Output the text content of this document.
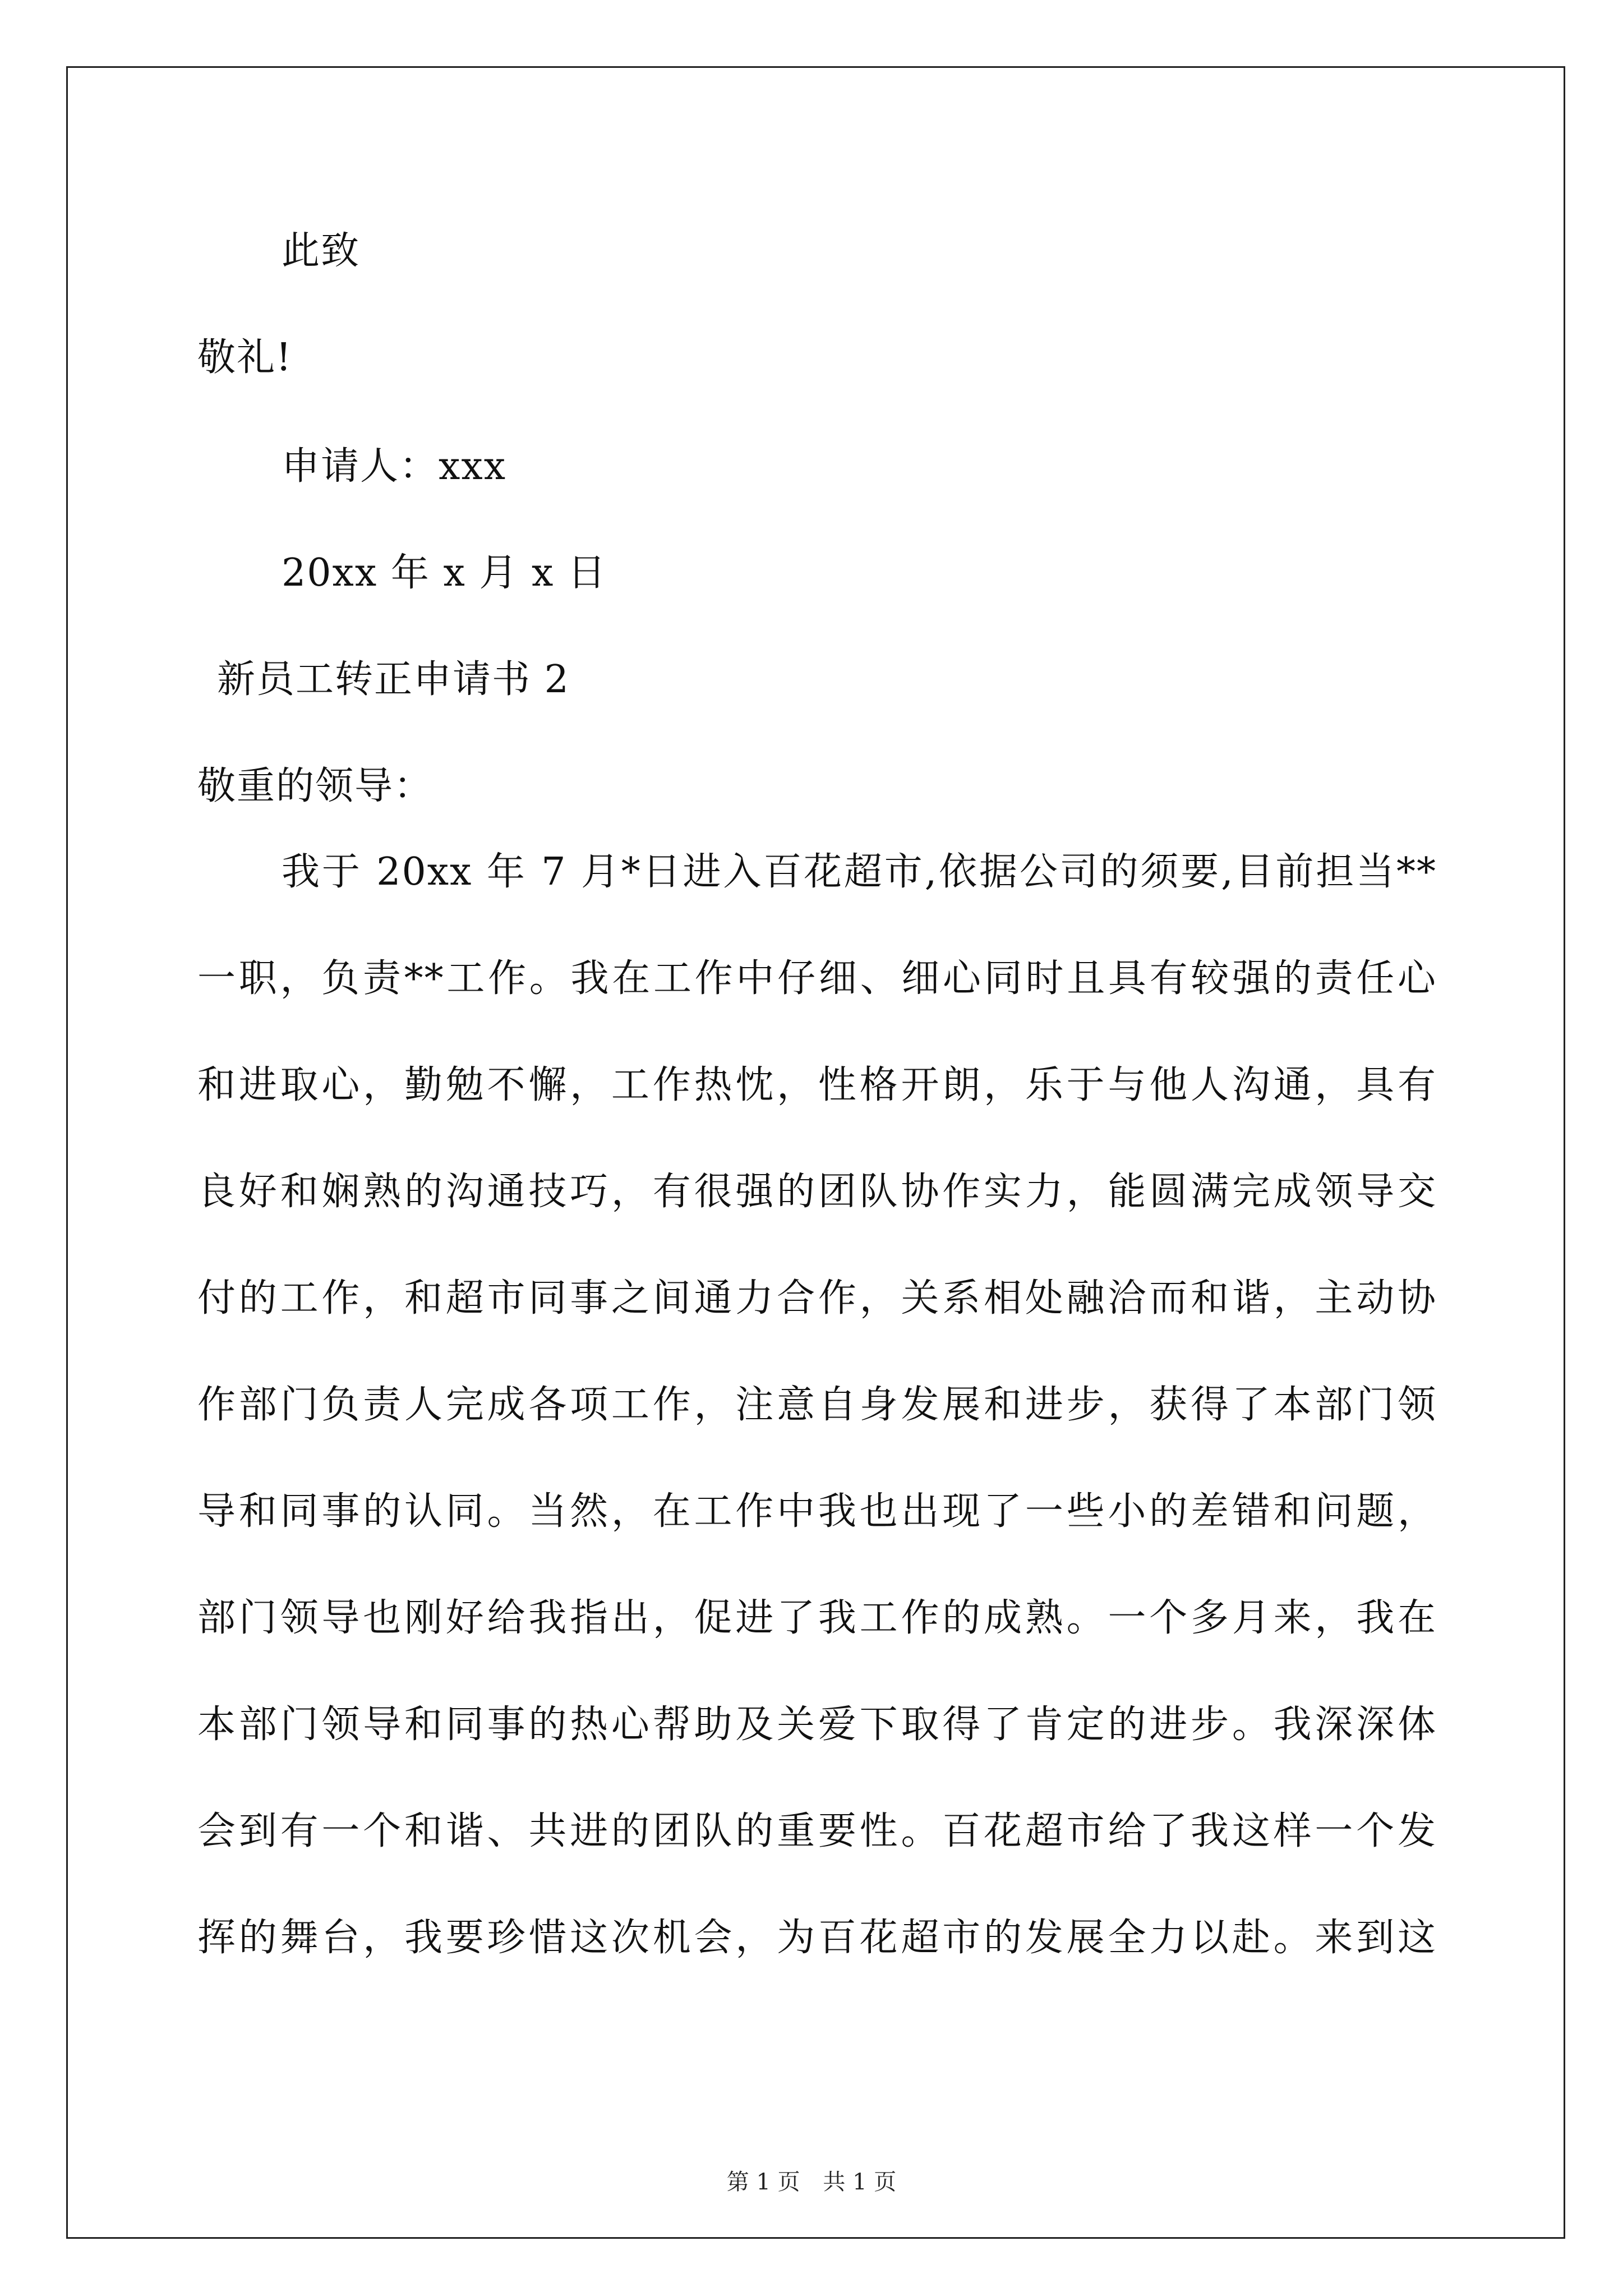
此致
敬礼!
申请人：xxx
20xx 年 x 月 x 日
新员工转正申请书 2
敬重的领导：
我于 20xx 年 7 月*日进入百花超市,依据公司的须要,目前担当**
一职，负责**工作。我在工作中仔细、细心同时且具有较强的责任心
和进取心，勤勉不懈，工作热忱，性格开朗，乐于与他人沟通，具有
良好和娴熟的沟通技巧，有很强的团队协作实力，能圆满完成领导交
付的工作，和超市同事之间通力合作，关系相处融洽而和谐，主动协
作部门负责人完成各项工作，注意自身发展和进步，获得了本部门领
导和同事的认同。当然，在工作中我也出现了一些小的差错和问题，
部门领导也刚好给我指出，促进了我工作的成熟。一个多月来，我在
本部门领导和同事的热心帮助及关爱下取得了肯定的进步。我深深体
会到有一个和谐、共进的团队的重要性。百花超市给了我这样一个发
挥的舞台，我要珍惜这次机会，为百花超市的发展全力以赴。来到这
第 1 页 共 1 页
